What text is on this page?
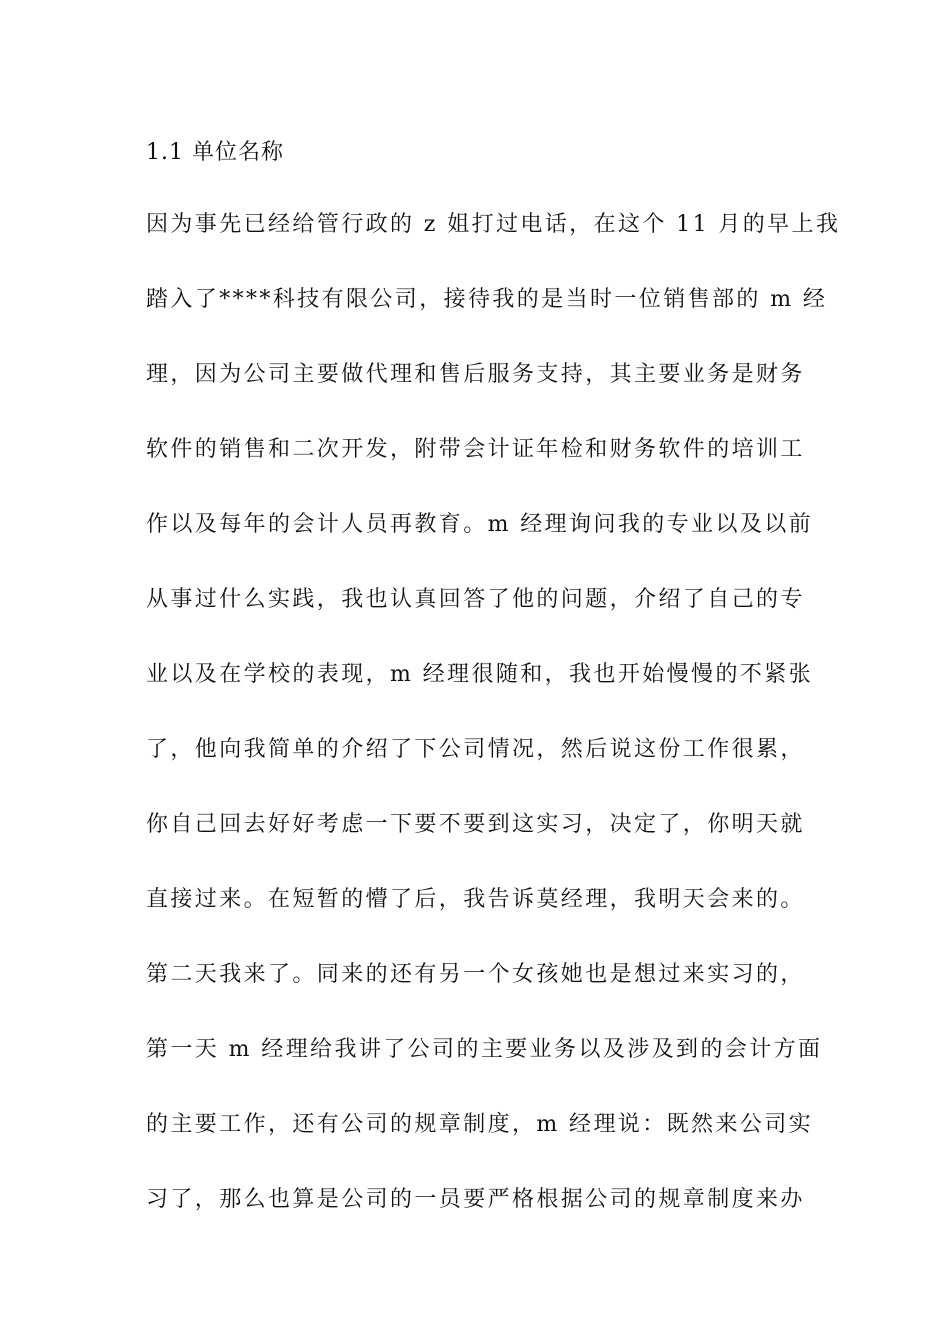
1.1 单位名称
因为事先已经给管行政的 z 姐打过电话，在这个 11 月的早上我
踏入了****科技有限公司，接待我的是当时一位销售部的 m 经
理，因为公司主要做代理和售后服务支持，其主要业务是财务
软件的销售和二次开发，附带会计证年检和财务软件的培训工
作以及每年的会计人员再教育。m 经理询问我的专业以及以前
从事过什么实践，我也认真回答了他的问题，介绍了自己的专
业以及在学校的表现，m 经理很随和，我也开始慢慢的不紧张
了，他向我简单的介绍了下公司情况，然后说这份工作很累，
你自己回去好好考虑一下要不要到这实习，决定了，你明天就
直接过来。在短暂的懵了后，我告诉莫经理，我明天会来的。
第二天我来了。同来的还有另一个女孩她也是想过来实习的，
第一天 m 经理给我讲了公司的主要业务以及涉及到的会计方面
的主要工作，还有公司的规章制度，m 经理说：既然来公司实
习了，那么也算是公司的一员要严格根据公司的规章制度来办
